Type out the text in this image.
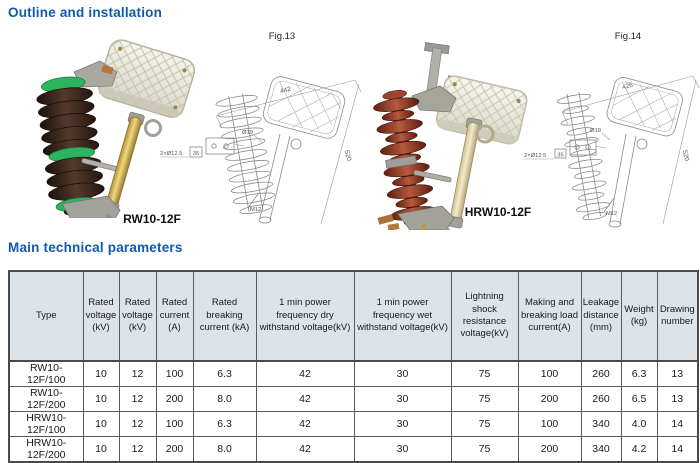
Outline and installation
RW10-12F
Fig.13
442
520
Ø19
35
2×Ø12.5
M12	HRW10-12F
Fig.14
426
520
Ø19
35
2×Ø12.5
M12
Main technical parameters
Type	Rated voltage (kV)	Rated voltage (kV)	Rated current (A)	Rated breaking current (kA)	1 min power frequency dry withstand voltage(kV)	1 min power frequency wet withstand voltage(kV)	Lightning shock resistance voltage(kV)	Making and breaking load current(A)	Leakage distance (mm)	Weight (kg)	Drawing number
RW10-12F/100	10	12	100	6.3	42	30	75	100	260	6.3	13
RW10-12F/200	10	12	200	8.0	42	30	75	200	260	6.5	13
HRW10-12F/100	10	12	100	6.3	42	30	75	100	340	4.0	14
HRW10-12F/200	10	12	200	8.0	42	30	75	200	340	4.2	14
